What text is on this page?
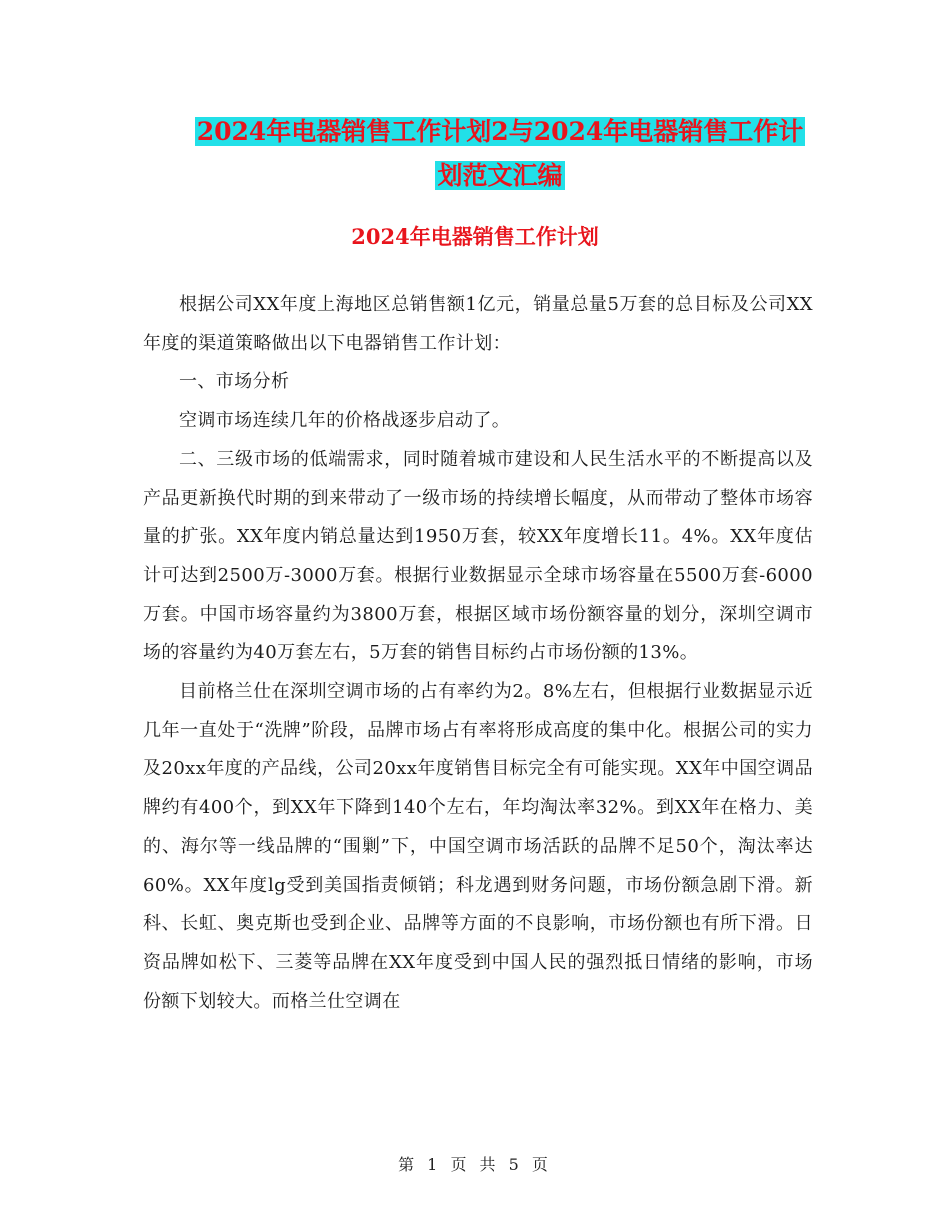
2024年电器销售工作计划2与2024年电器销售工作计
划范文汇编
2024年电器销售工作计划

根据公司XX年度上海地区总销售额1亿元，销量总量5万套的总目标及公司XX年度的渠道策略做出以下电器销售工作计划：

一、市场分析

空调市场连续几年的价格战逐步启动了。

二、三级市场的低端需求，同时随着城市建设和人民生活水平的不断提高以及产品更新换代时期的到来带动了一级市场的持续增长幅度，从而带动了整体市场容量的扩张。XX年度内销总量达到1950万套，较XX年度增长11。4%。XX年度估计可达到2500万-3000万套。根据行业数据显示全球市场容量在5500万套-6000万套。中国市场容量约为3800万套，根据区域市场份额容量的划分，深圳空调市场的容量约为40万套左右，5万套的销售目标约占市场份额的13%。

目前格兰仕在深圳空调市场的占有率约为2。8%左右，但根据行业数据显示近几年一直处于“洗牌”阶段，品牌市场占有率将形成高度的集中化。根据公司的实力及20xx年度的产品线，公司20xx年度销售目标完全有可能实现。XX年中国空调品牌约有400个，到XX年下降到140个左右，年均淘汰率32%。到XX年在格力、美的、海尔等一线品牌的“围剿”下，中国空调市场活跃的品牌不足50个，淘汰率达60%。XX年度lg受到美国指责倾销；科龙遇到财务问题，市场份额急剧下滑。新科、长虹、奥克斯也受到企业、品牌等方面的不良影响，市场份额也有所下滑。日资品牌如松下、三菱等品牌在XX年度受到中国人民的强烈抵日情绪的影响，市场份额下划较大。而格兰仕空调在

第 1 页 共 5 页
